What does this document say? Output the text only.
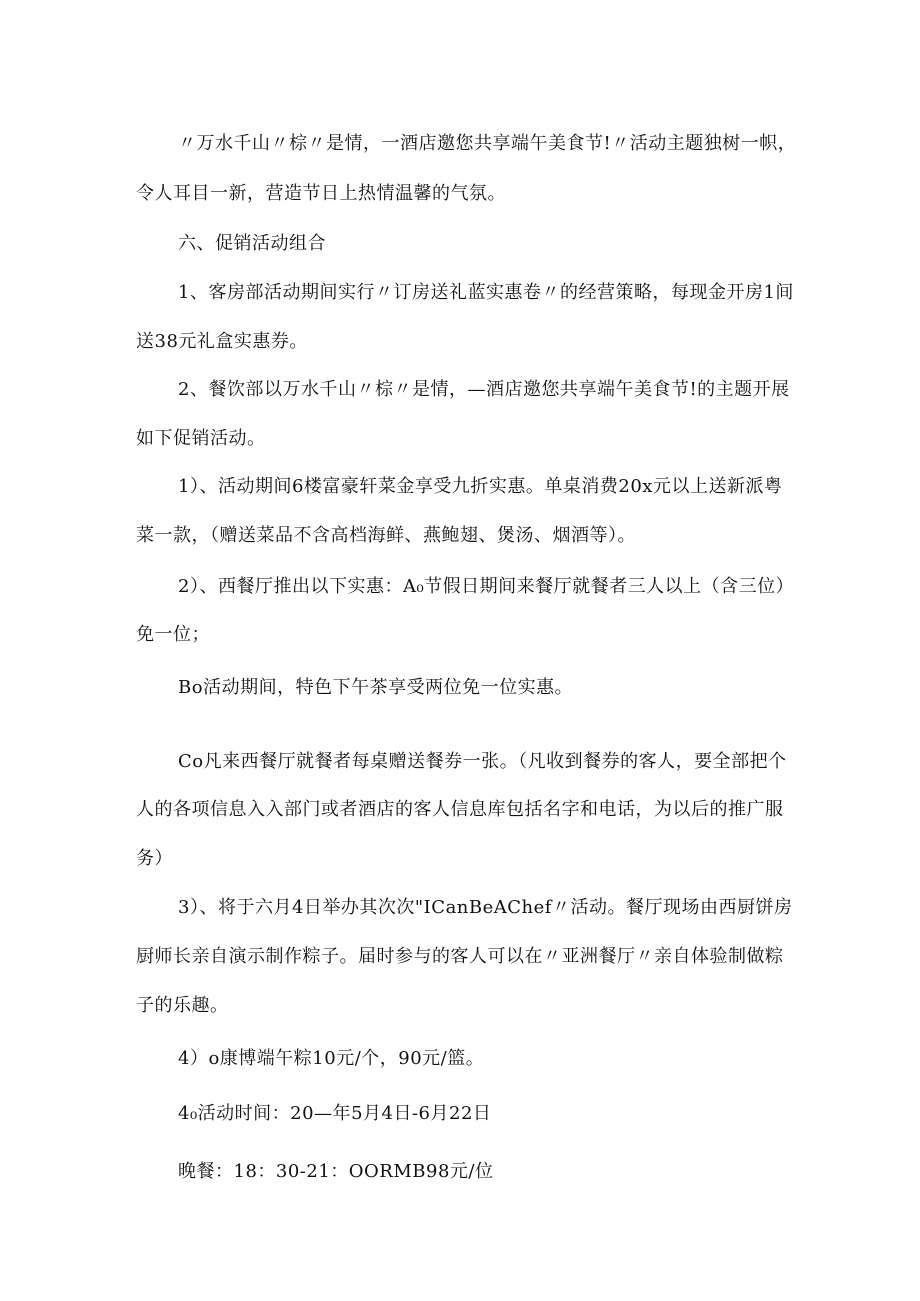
〃万水千山〃棕〃是情，一酒店邀您共享端午美食节!〃活动主题独树一帜，
令人耳目一新，营造节日上热情温馨的气氛。
六、促销活动组合
1、客房部活动期间实行〃订房送礼蓝实惠卷〃的经营策略，每现金开房1间
送38元礼盒实惠券。
2、餐饮部以万水千山〃棕〃是情，—酒店邀您共享端午美食节!的主题开展
如下促销活动。
1）、活动期间6楼富豪轩菜金享受九折实惠。单桌消费20x元以上送新派粤
菜一款，（赠送菜品不含高档海鲜、燕鲍翅、煲汤、烟酒等）。
2）、西餐厅推出以下实惠：A₀节假日期间来餐厅就餐者三人以上（含三位）
免一位；
Bo活动期间，特色下午茶享受两位免一位实惠。
Co凡来西餐厅就餐者每桌赠送餐券一张。（凡收到餐券的客人，要全部把个
人的各项信息入入部门或者酒店的客人信息库包括名字和电话，为以后的推广服
务）
3）、将于六月4日举办其次次"ICanBeAChef〃活动。餐厅现场由西厨饼房
厨师长亲自演示制作粽子。届时参与的客人可以在〃亚洲餐厅〃亲自体验制做粽
子的乐趣。
4）o康博端午粽10元/个，90元/篮。
4₀活动时间：20—年5月4日-6月22日
晚餐：18：30-21：OORMB98元/位
